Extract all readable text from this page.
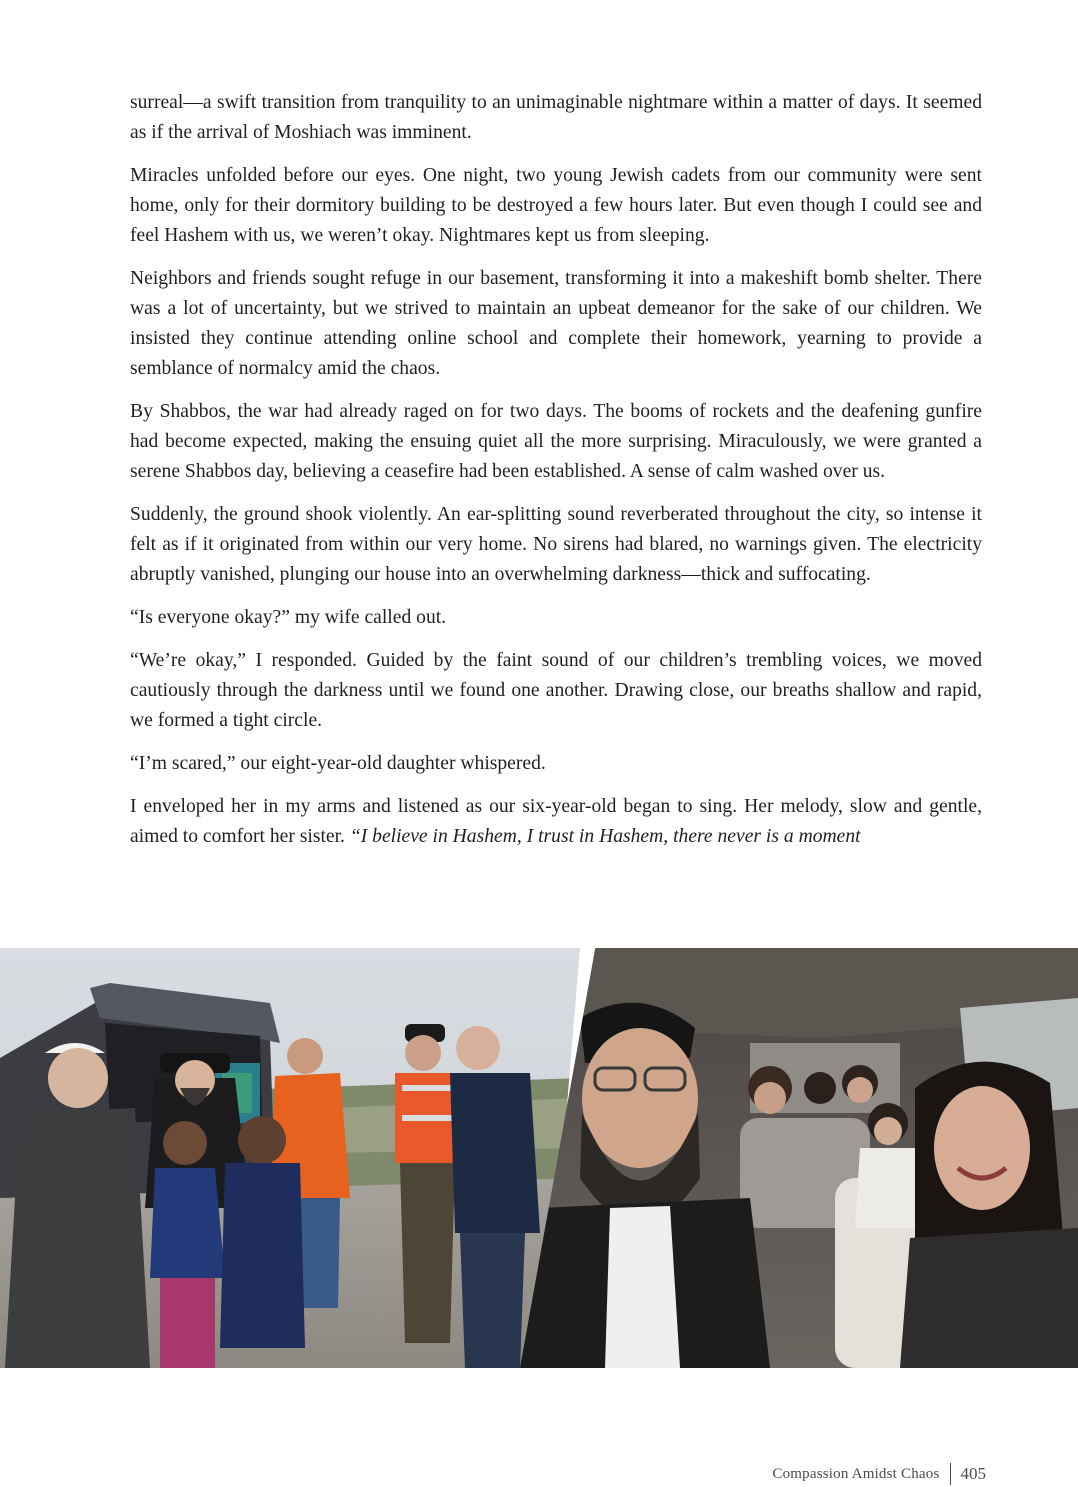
surreal—a swift transition from tranquility to an unimaginable nightmare within a matter of days. It seemed as if the arrival of Moshiach was imminent.

Miracles unfolded before our eyes. One night, two young Jewish cadets from our community were sent home, only for their dormitory building to be destroyed a few hours later. But even though I could see and feel Hashem with us, we weren’t okay. Nightmares kept us from sleeping.

Neighbors and friends sought refuge in our basement, transforming it into a makeshift bomb shelter. There was a lot of uncertainty, but we strived to maintain an upbeat demeanor for the sake of our children. We insisted they continue attending online school and complete their homework, yearning to provide a semblance of normalcy amid the chaos.

By Shabbos, the war had already raged on for two days. The booms of rockets and the deafening gunfire had become expected, making the ensuing quiet all the more surprising. Miraculously, we were granted a serene Shabbos day, believing a ceasefire had been established. A sense of calm washed over us.

Suddenly, the ground shook violently. An ear-splitting sound reverberated throughout the city, so intense it felt as if it originated from within our very home. No sirens had blared, no warnings given. The electricity abruptly vanished, plunging our house into an overwhelming darkness—thick and suffocating.

“Is everyone okay?” my wife called out.

“We’re okay,” I responded. Guided by the faint sound of our children’s trembling voices, we moved cautiously through the darkness until we found one another. Drawing close, our breaths shallow and rapid, we formed a tight circle.

“I’m scared,” our eight-year-old daughter whispered.

I enveloped her in my arms and listened as our six-year-old began to sing. Her melody, slow and gentle, aimed to comfort her sister. “I believe in Hashem, I trust in Hashem, there never is a moment

Compassion Amidst Chaos 405
